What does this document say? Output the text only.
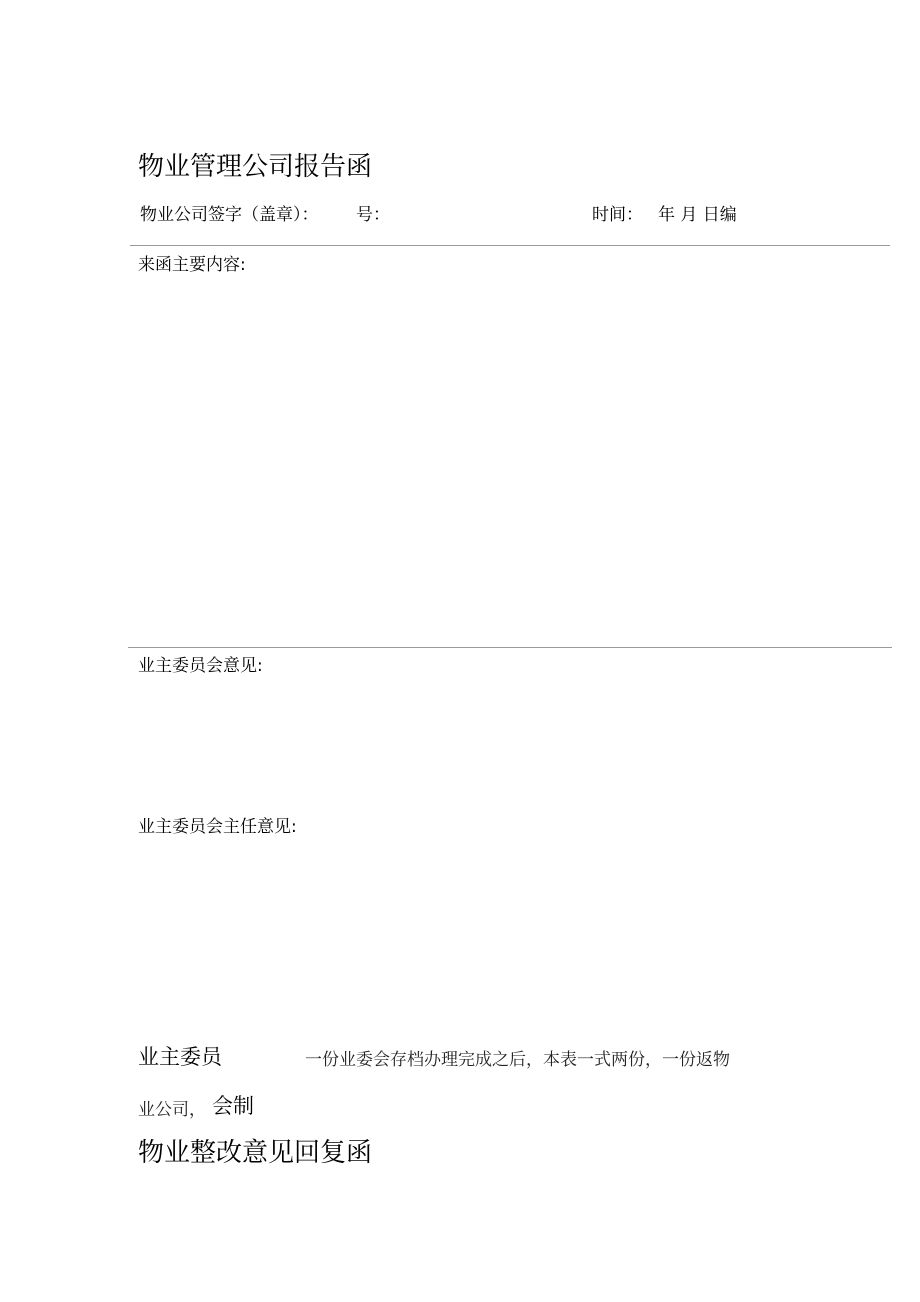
物业管理公司报告函
物业公司签字（盖章）： 号：	时间： 年 月 日编
来函主要内容:
业主委员会意见:
业主委员会主任意见:
业主委员	一份业委会存档办理完成之后，本表一式两份，一份返物
业公司， 会制
物业整改意见回复函
